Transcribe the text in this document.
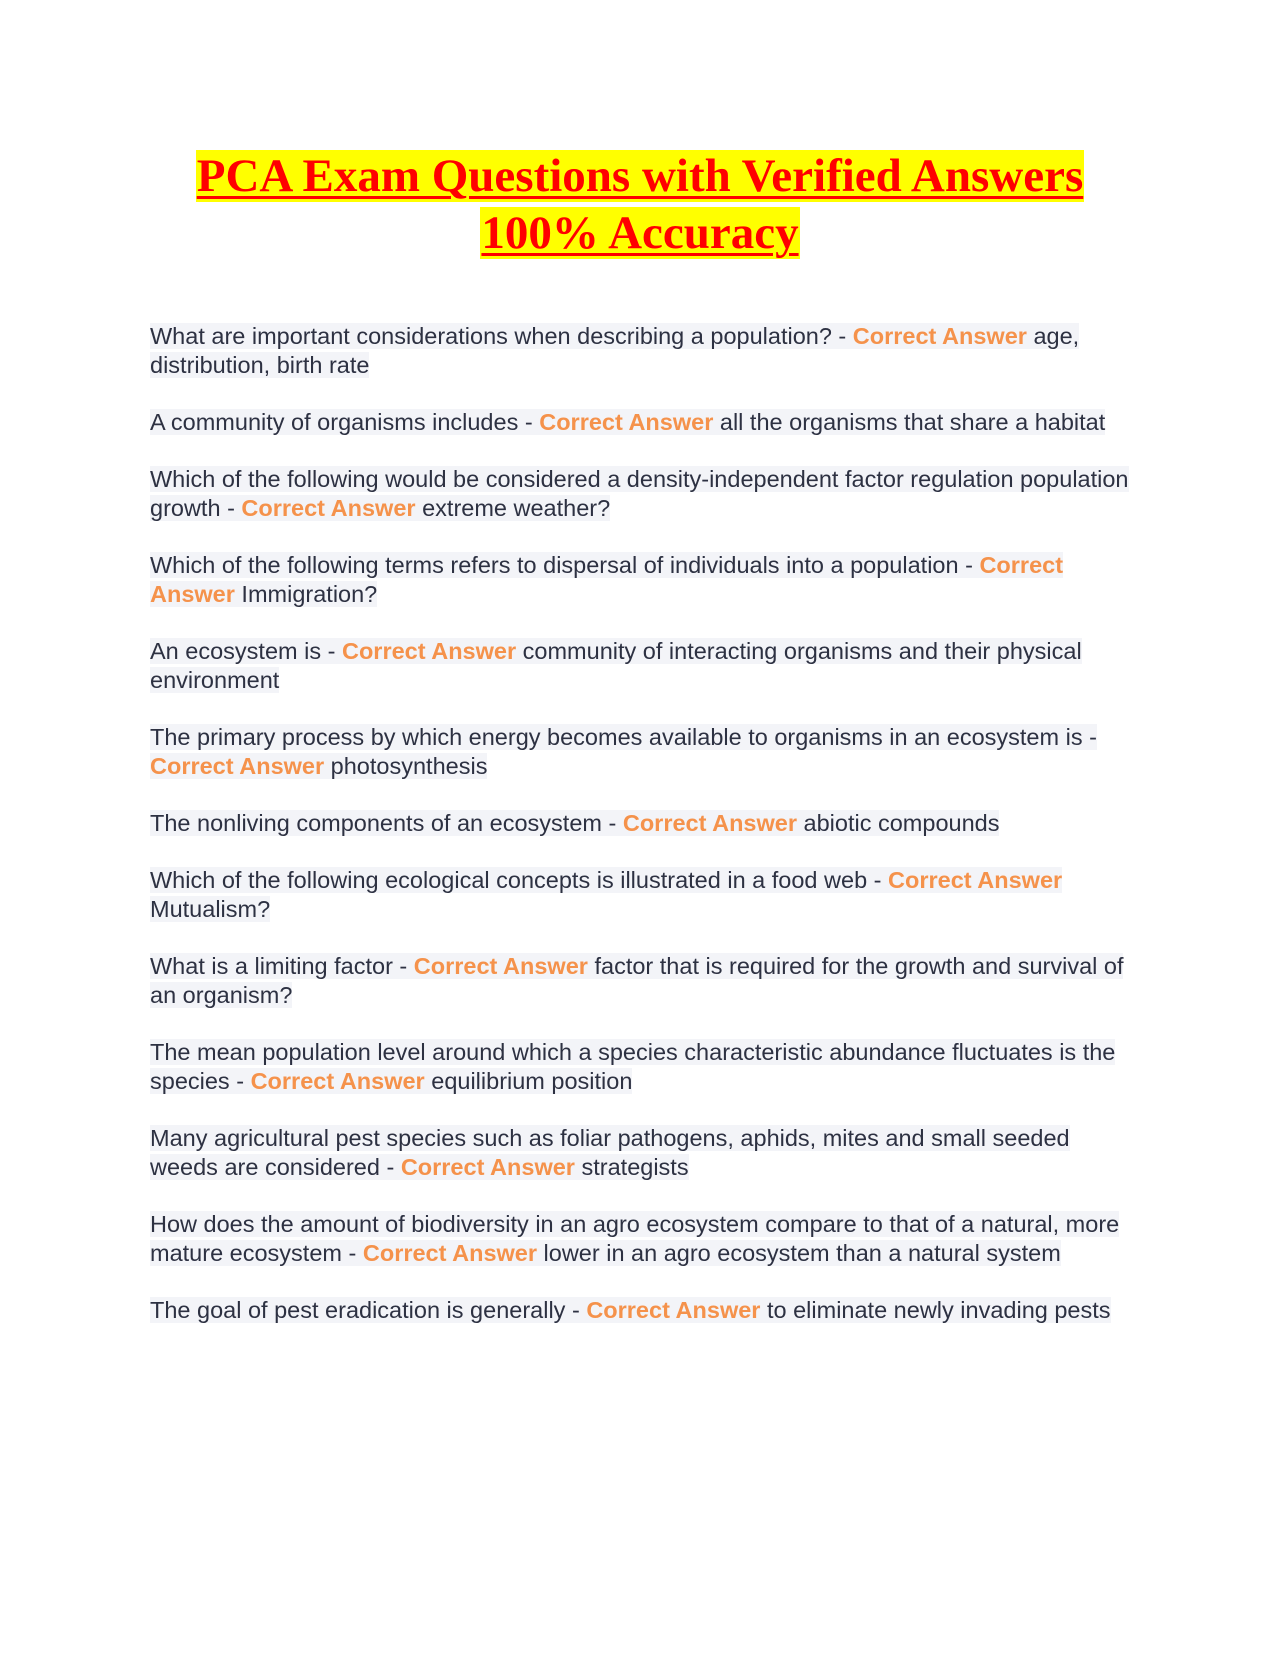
PCA Exam Questions with Verified Answers
100% Accuracy
What are important considerations when describing a population? - Correct Answer age, distribution, birth rate
A community of organisms includes - Correct Answer all the organisms that share a habitat
Which of the following would be considered a density-independent factor regulation population growth - Correct Answer extreme weather?
Which of the following terms refers to dispersal of individuals into a population - Correct Answer Immigration?
An ecosystem is - Correct Answer community of interacting organisms and their physical environment
The primary process by which energy becomes available to organisms in an ecosystem is - Correct Answer photosynthesis
The nonliving components of an ecosystem - Correct Answer abiotic compounds
Which of the following ecological concepts is illustrated in a food web - Correct Answer Mutualism?
What is a limiting factor - Correct Answer factor that is required for the growth and survival of an organism?
The mean population level around which a species characteristic abundance fluctuates is the species - Correct Answer equilibrium position
Many agricultural pest species such as foliar pathogens, aphids, mites and small seeded weeds are considered - Correct Answer strategists
How does the amount of biodiversity in an agro ecosystem compare to that of a natural, more mature ecosystem - Correct Answer lower in an agro ecosystem than a natural system
The goal of pest eradication is generally - Correct Answer to eliminate newly invading pests
